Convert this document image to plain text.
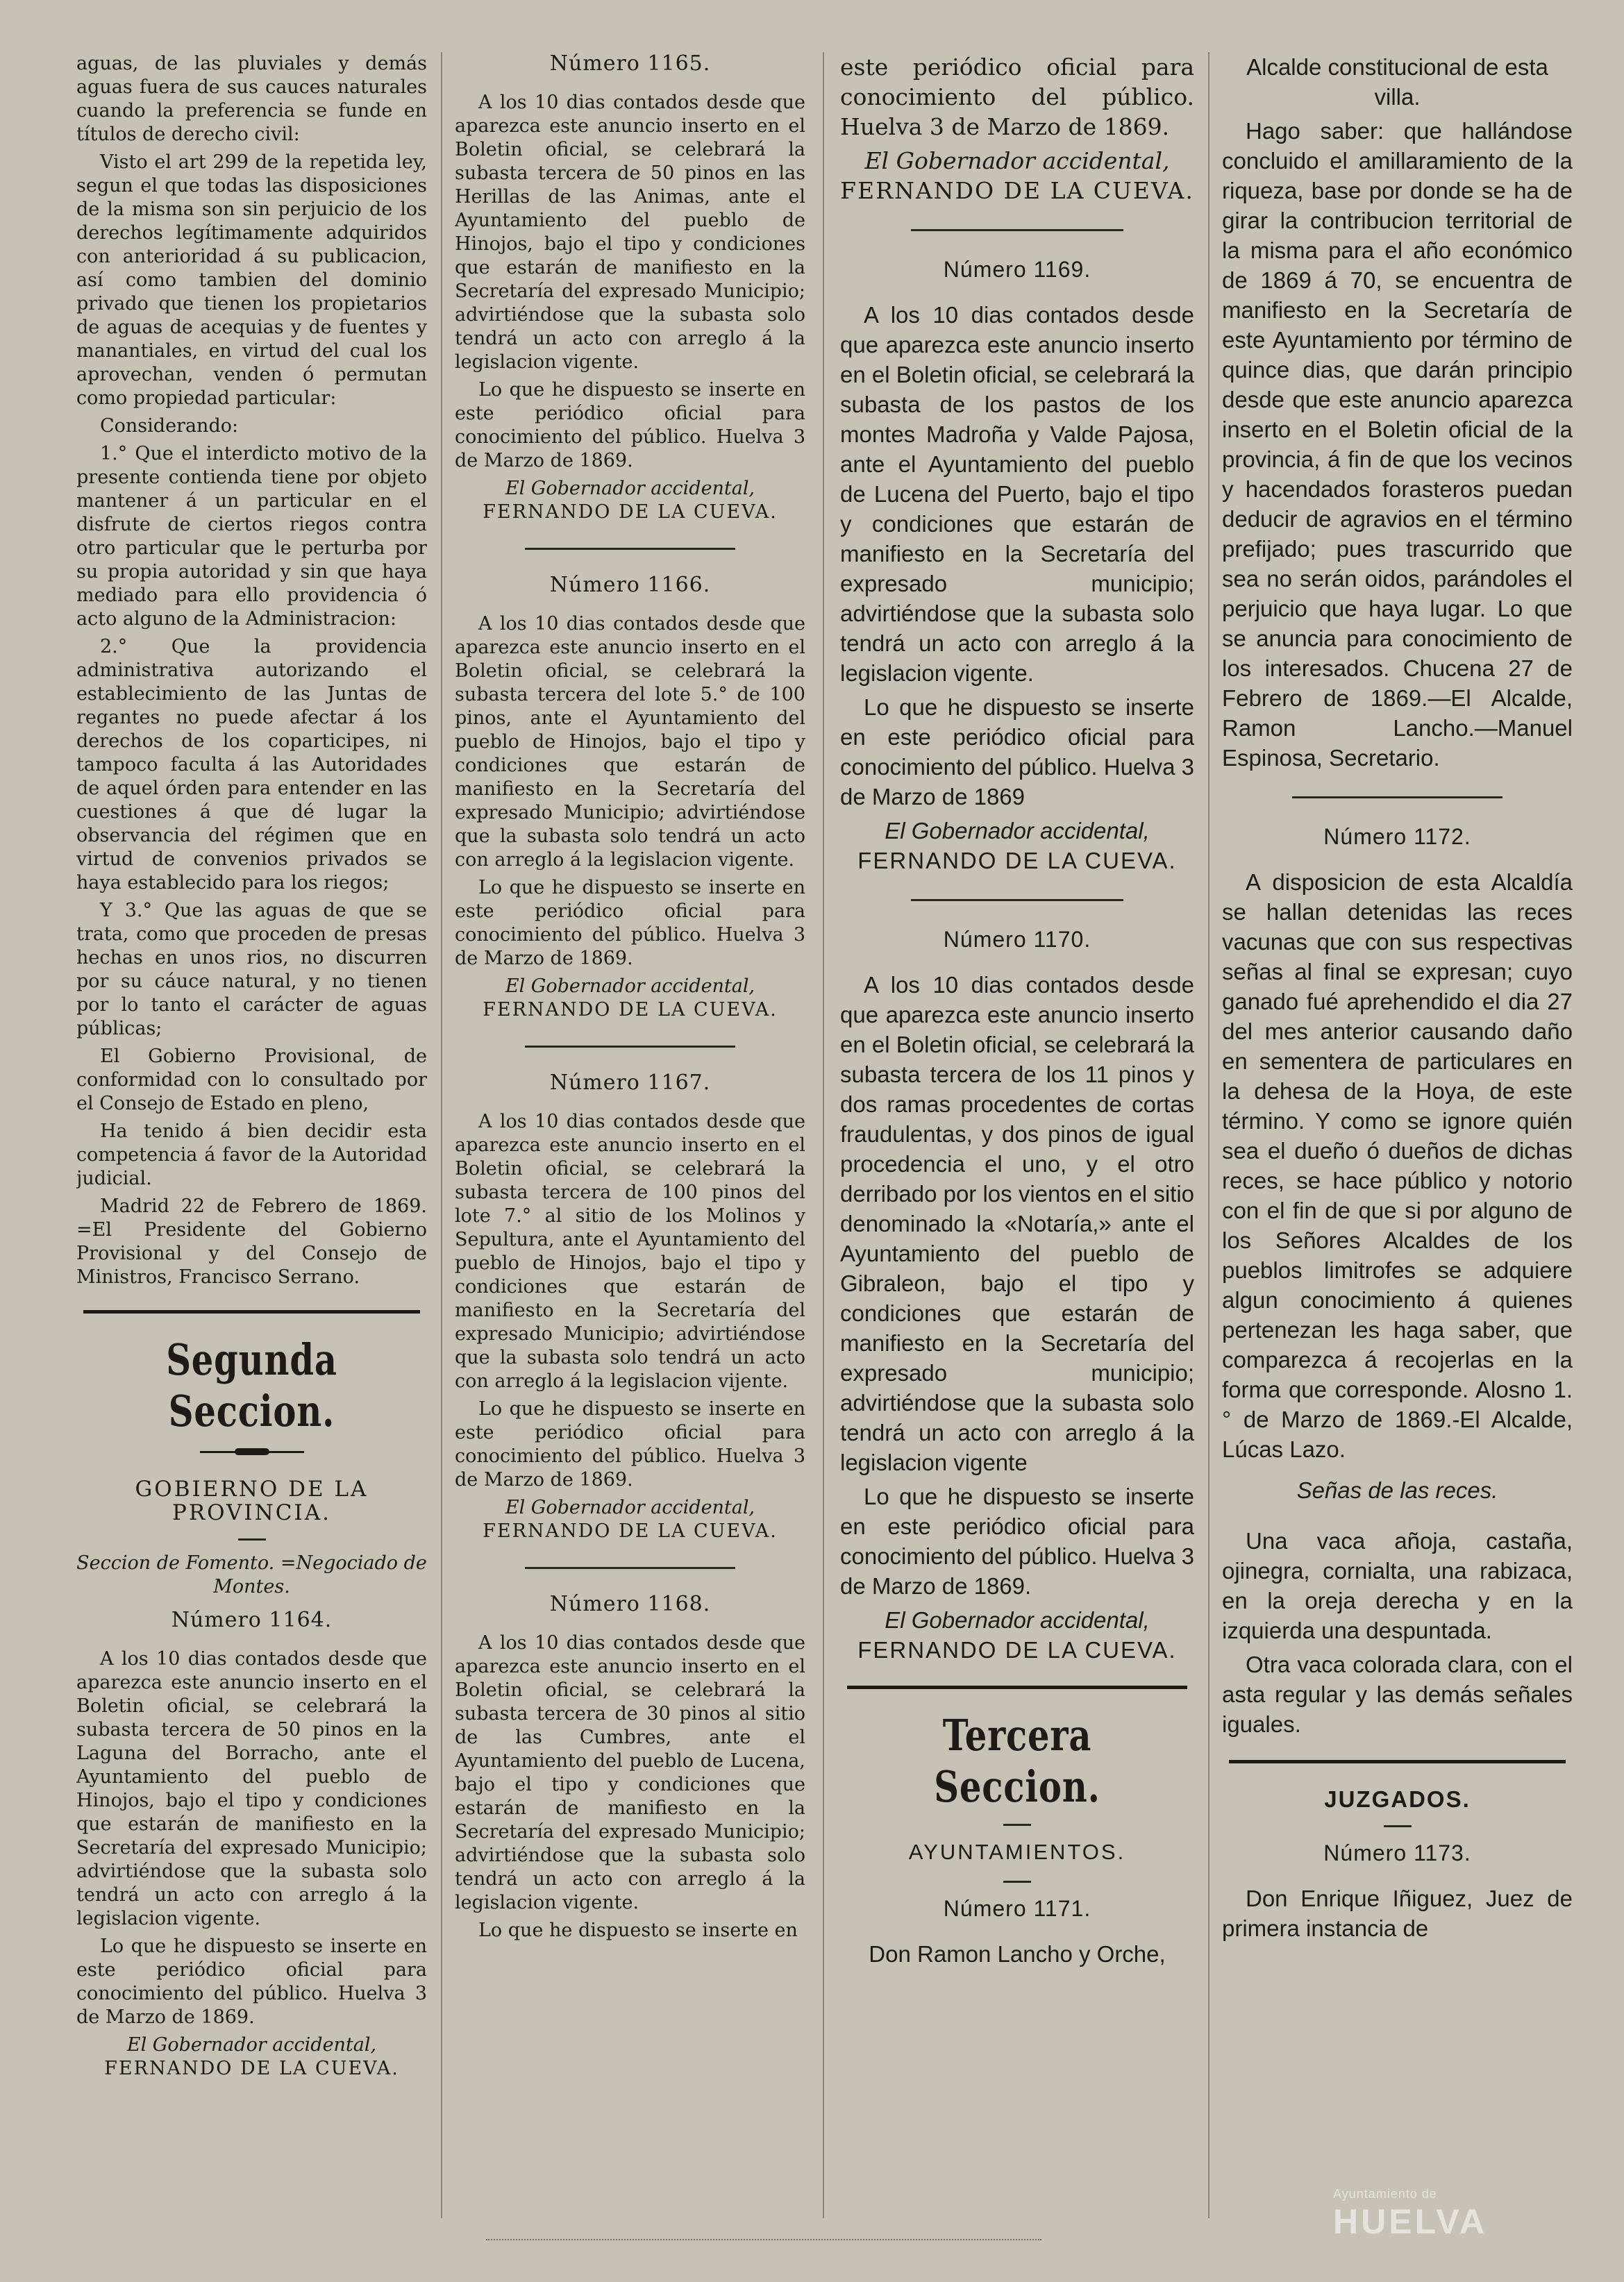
aguas, de las pluviales y demás aguas fuera de sus cauces naturales cuando la preferencia se funde en títulos de derecho civil:

Visto el art 299 de la repetida ley, segun el que todas las disposiciones de la misma son sin perjuicio de los derechos legítimamente adquiridos con anterioridad á su publicacion, así como tambien del dominio privado que tienen los propietarios de aguas de acequias y de fuentes y manantiales, en virtud del cual los aprovechan, venden ó permutan como propiedad particular:

Considerando:

1.° Que el interdicto motivo de la presente contienda tiene por objeto mantener á un particular en el disfrute de ciertos riegos contra otro particular que le perturba por su propia autoridad y sin que haya mediado para ello providencia ó acto alguno de la Administracion:

2.° Que la providencia administrativa autorizando el establecimiento de las Juntas de regantes no puede afectar á los derechos de los coparticipes, ni tampoco faculta á las Autoridades de aquel órden para entender en las cuestiones á que dé lugar la observancia del régimen que en virtud de convenios privados se haya establecido para los riegos;

Y 3.° Que las aguas de que se trata, como que proceden de presas hechas en unos rios, no discurren por su cáuce natural, y no tienen por lo tanto el carácter de aguas públicas;

El Gobierno Provisional, de conformidad con lo consultado por el Consejo de Estado en pleno,

Ha tenido á bien decidir esta competencia á favor de la Autoridad judicial.

Madrid 22 de Febrero de 1869. =El Presidente del Gobierno Provisional y del Consejo de Ministros, Francisco Serrano.

Segunda Seccion.
GOBIERNO DE LA PROVINCIA.
Seccion de Fomento. =Negociado de Montes.
Número 1164.

A los 10 dias contados desde que aparezca este anuncio inserto en el Boletin oficial, se celebrará la subasta tercera de 50 pinos en la Laguna del Borracho, ante el Ayuntamiento del pueblo de Hinojos, bajo el tipo y condiciones que estarán de manifiesto en la Secretaría del expresado Municipio; advirtiéndose que la subasta solo tendrá un acto con arreglo á la legislacion vigente.

Lo que he dispuesto se inserte en este periódico oficial para conocimiento del público. Huelva 3 de Marzo de 1869.

El Gobernador accidental,

FERNANDO DE LA CUEVA.

Número 1165.

A los 10 dias contados desde que aparezca este anuncio inserto en el Boletin oficial, se celebrará la subasta tercera de 50 pinos en las Herillas de las Animas, ante el Ayuntamiento del pueblo de Hinojos, bajo el tipo y condiciones que estarán de manifiesto en la Secretaría del expresado Municipio; advirtiéndose que la subasta solo tendrá un acto con arreglo á la legislacion vigente.

Lo que he dispuesto se inserte en este periódico oficial para conocimiento del público. Huelva 3 de Marzo de 1869.

El Gobernador accidental,

FERNANDO DE LA CUEVA.

Número 1166.

A los 10 dias contados desde que aparezca este anuncio inserto en el Boletin oficial, se celebrará la subasta tercera del lote 5.° de 100 pinos, ante el Ayuntamiento del pueblo de Hinojos, bajo el tipo y condiciones que estarán de manifiesto en la Secretaría del expresado Municipio; advirtiéndose que la subasta solo tendrá un acto con arreglo á la legislacion vigente.

Lo que he dispuesto se inserte en este periódico oficial para conocimiento del público. Huelva 3 de Marzo de 1869.

El Gobernador accidental,

FERNANDO DE LA CUEVA.

Número 1167.

A los 10 dias contados desde que aparezca este anuncio inserto en el Boletin oficial, se celebrará la subasta tercera de 100 pinos del lote 7.° al sitio de los Molinos y Sepultura, ante el Ayuntamiento del pueblo de Hinojos, bajo el tipo y condiciones que estarán de manifiesto en la Secretaría del expresado Municipio; advirtiéndose que la subasta solo tendrá un acto con arreglo á la legislacion vijente.

Lo que he dispuesto se inserte en este periódico oficial para conocimiento del público. Huelva 3 de Marzo de 1869.

El Gobernador accidental,

FERNANDO DE LA CUEVA.

Número 1168.

A los 10 dias contados desde que aparezca este anuncio inserto en el Boletin oficial, se celebrará la subasta tercera de 30 pinos al sitio de las Cumbres, ante el Ayuntamiento del pueblo de Lucena, bajo el tipo y condiciones que estarán de manifiesto en la Secretaría del expresado Municipio; advirtiéndose que la subasta solo tendrá un acto con arreglo á la legislacion vigente.

Lo que he dispuesto se inserte en

este periódico oficial para conocimiento del público. Huelva 3 de Marzo de 1869.

El Gobernador accidental,

FERNANDO DE LA CUEVA.

Número 1169.

A los 10 dias contados desde que aparezca este anuncio inserto en el Boletin oficial, se celebrará la subasta de los pastos de los montes Madroña y Valde Pajosa, ante el Ayuntamiento del pueblo de Lucena del Puerto, bajo el tipo y condiciones que estarán de manifiesto en la Secretaría del expresado municipio; advirtiéndose que la subasta solo tendrá un acto con arreglo á la legislacion vigente.

Lo que he dispuesto se inserte en este periódico oficial para conocimiento del público. Huelva 3 de Marzo de 1869

El Gobernador accidental,

FERNANDO DE LA CUEVA.

Número 1170.

A los 10 dias contados desde que aparezca este anuncio inserto en el Boletin oficial, se celebrará la subasta tercera de los 11 pinos y dos ramas procedentes de cortas fraudulentas, y dos pinos de igual procedencia el uno, y el otro derribado por los vientos en el sitio denominado la «Notaría,» ante el Ayuntamiento del pueblo de Gibraleon, bajo el tipo y condiciones que estarán de manifiesto en la Secretaría del expresado municipio; advirtiéndose que la subasta solo tendrá un acto con arreglo á la legislacion vigente

Lo que he dispuesto se inserte en este periódico oficial para conocimiento del público. Huelva 3 de Marzo de 1869.

El Gobernador accidental,

FERNANDO DE LA CUEVA.

Tercera Seccion.
AYUNTAMIENTOS.
Número 1171.

Don Ramon Lancho y Orche,

Alcalde constitucional de esta villa.

Hago saber: que hallándose concluido el amillaramiento de la riqueza, base por donde se ha de girar la contribucion territorial de la misma para el año económico de 1869 á 70, se encuentra de manifiesto en la Secretaría de este Ayuntamiento por término de quince dias, que darán principio desde que este anuncio aparezca inserto en el Boletin oficial de la provincia, á fin de que los vecinos y hacendados forasteros puedan deducir de agravios en el término prefijado; pues trascurrido que sea no serán oidos, parándoles el perjuicio que haya lugar. Lo que se anuncia para conocimiento de los interesados. Chucena 27 de Febrero de 1869.—El Alcalde, Ramon Lancho.—Manuel Espinosa, Secretario.

Número 1172.

A disposicion de esta Alcaldía se hallan detenidas las reces vacunas que con sus respectivas señas al final se expresan; cuyo ganado fué aprehendido el dia 27 del mes anterior causando daño en sementera de particulares en la dehesa de la Hoya, de este término. Y como se ignore quién sea el dueño ó dueños de dichas reces, se hace público y notorio con el fin de que si por alguno de los Señores Alcaldes de los pueblos limitrofes se adquiere algun conocimiento á quienes pertenezan les haga saber, que comparezca á recojerlas en la forma que corresponde. Alosno 1.° de Marzo de 1869.-El Alcalde, Lúcas Lazo.

Señas de las reces.

Una vaca añoja, castaña, ojinegra, cornialta, una rabizaca, en la oreja derecha y en la izquierda una despuntada.

Otra vaca colorada clara, con el asta regular y las demás señales iguales.

JUZGADOS.
Número 1173.

Don Enrique Iñiguez, Juez de primera instancia de

Ayuntamiento de
HUELVA
